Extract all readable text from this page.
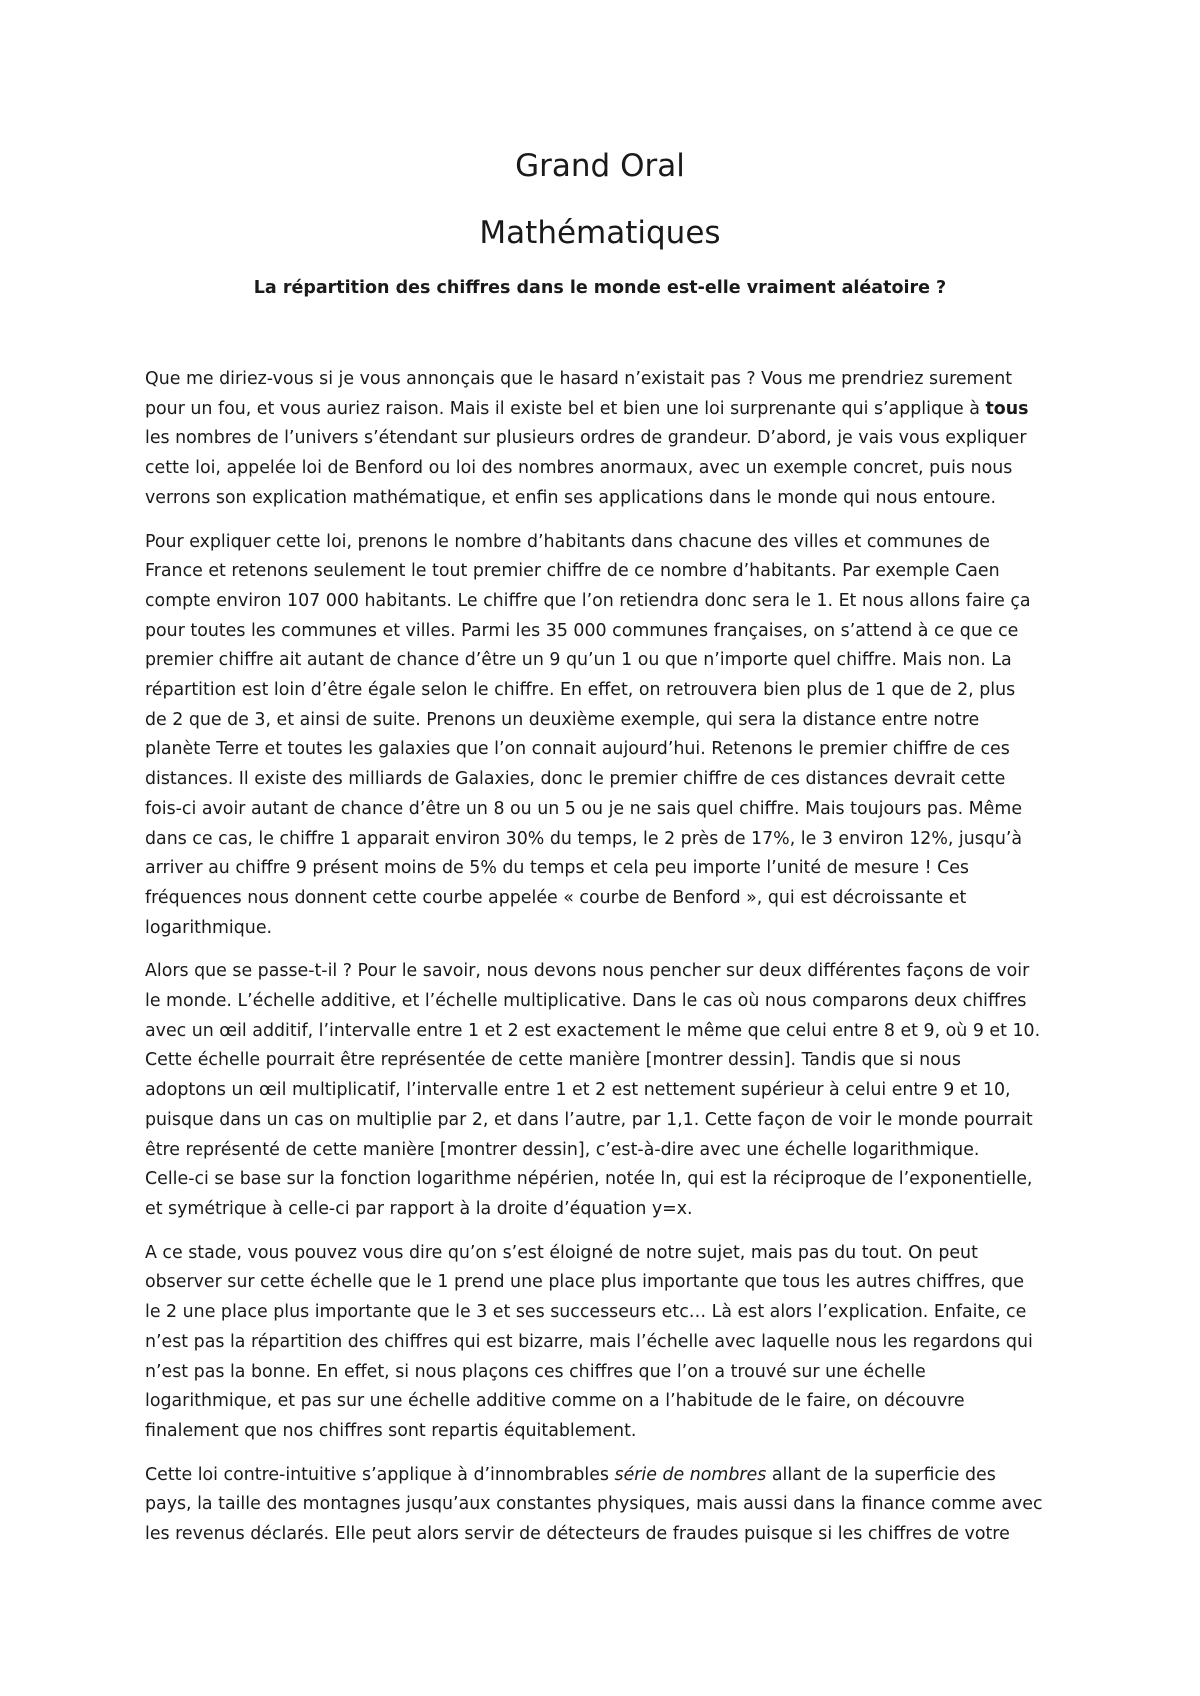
Grand Oral
Mathématiques

La répartition des chiffres dans le monde est-elle vraiment aléatoire ?

Que me diriez-vous si je vous annonçais que le hasard n’existait pas ? Vous me prendriez surement
pour un fou, et vous auriez raison. Mais il existe bel et bien une loi surprenante qui s’applique à tous
les nombres de l’univers s’étendant sur plusieurs ordres de grandeur. D’abord, je vais vous expliquer
cette loi, appelée loi de Benford ou loi des nombres anormaux, avec un exemple concret, puis nous
verrons son explication mathématique, et enfin ses applications dans le monde qui nous entoure.

Pour expliquer cette loi, prenons le nombre d’habitants dans chacune des villes et communes de
France et retenons seulement le tout premier chiffre de ce nombre d’habitants. Par exemple Caen
compte environ 107 000 habitants. Le chiffre que l’on retiendra donc sera le 1. Et nous allons faire ça
pour toutes les communes et villes. Parmi les 35 000 communes françaises, on s’attend à ce que ce
premier chiffre ait autant de chance d’être un 9 qu’un 1 ou que n’importe quel chiffre. Mais non. La
répartition est loin d’être égale selon le chiffre. En effet, on retrouvera bien plus de 1 que de 2, plus
de 2 que de 3, et ainsi de suite. Prenons un deuxième exemple, qui sera la distance entre notre
planète Terre et toutes les galaxies que l’on connait aujourd’hui. Retenons le premier chiffre de ces
distances. Il existe des milliards de Galaxies, donc le premier chiffre de ces distances devrait cette
fois-ci avoir autant de chance d’être un 8 ou un 5 ou je ne sais quel chiffre. Mais toujours pas. Même
dans ce cas, le chiffre 1 apparait environ 30% du temps, le 2 près de 17%, le 3 environ 12%, jusqu’à
arriver au chiffre 9 présent moins de 5% du temps et cela peu importe l’unité de mesure ! Ces
fréquences nous donnent cette courbe appelée « courbe de Benford », qui est décroissante et
logarithmique.

Alors que se passe-t-il ? Pour le savoir, nous devons nous pencher sur deux différentes façons de voir
le monde. L’échelle additive, et l’échelle multiplicative. Dans le cas où nous comparons deux chiffres
avec un œil additif, l’intervalle entre 1 et 2 est exactement le même que celui entre 8 et 9, où 9 et 10.
Cette échelle pourrait être représentée de cette manière [montrer dessin]. Tandis que si nous
adoptons un œil multiplicatif, l’intervalle entre 1 et 2 est nettement supérieur à celui entre 9 et 10,
puisque dans un cas on multiplie par 2, et dans l’autre, par 1,1. Cette façon de voir le monde pourrait
être représenté de cette manière [montrer dessin], c’est-à-dire avec une échelle logarithmique.
Celle-ci se base sur la fonction logarithme népérien, notée ln, qui est la réciproque de l’exponentielle,
et symétrique à celle-ci par rapport à la droite d’équation y=x.

A ce stade, vous pouvez vous dire qu’on s’est éloigné de notre sujet, mais pas du tout. On peut
observer sur cette échelle que le 1 prend une place plus importante que tous les autres chiffres, que
le 2 une place plus importante que le 3 et ses successeurs etc… Là est alors l’explication. Enfaite, ce
n’est pas la répartition des chiffres qui est bizarre, mais l’échelle avec laquelle nous les regardons qui
n’est pas la bonne. En effet, si nous plaçons ces chiffres que l’on a trouvé sur une échelle
logarithmique, et pas sur une échelle additive comme on a l’habitude de le faire, on découvre
finalement que nos chiffres sont repartis équitablement.

Cette loi contre-intuitive s’applique à d’innombrables série de nombres allant de la superficie des
pays, la taille des montagnes jusqu’aux constantes physiques, mais aussi dans la finance comme avec
les revenus déclarés. Elle peut alors servir de détecteurs de fraudes puisque si les chiffres de votre
